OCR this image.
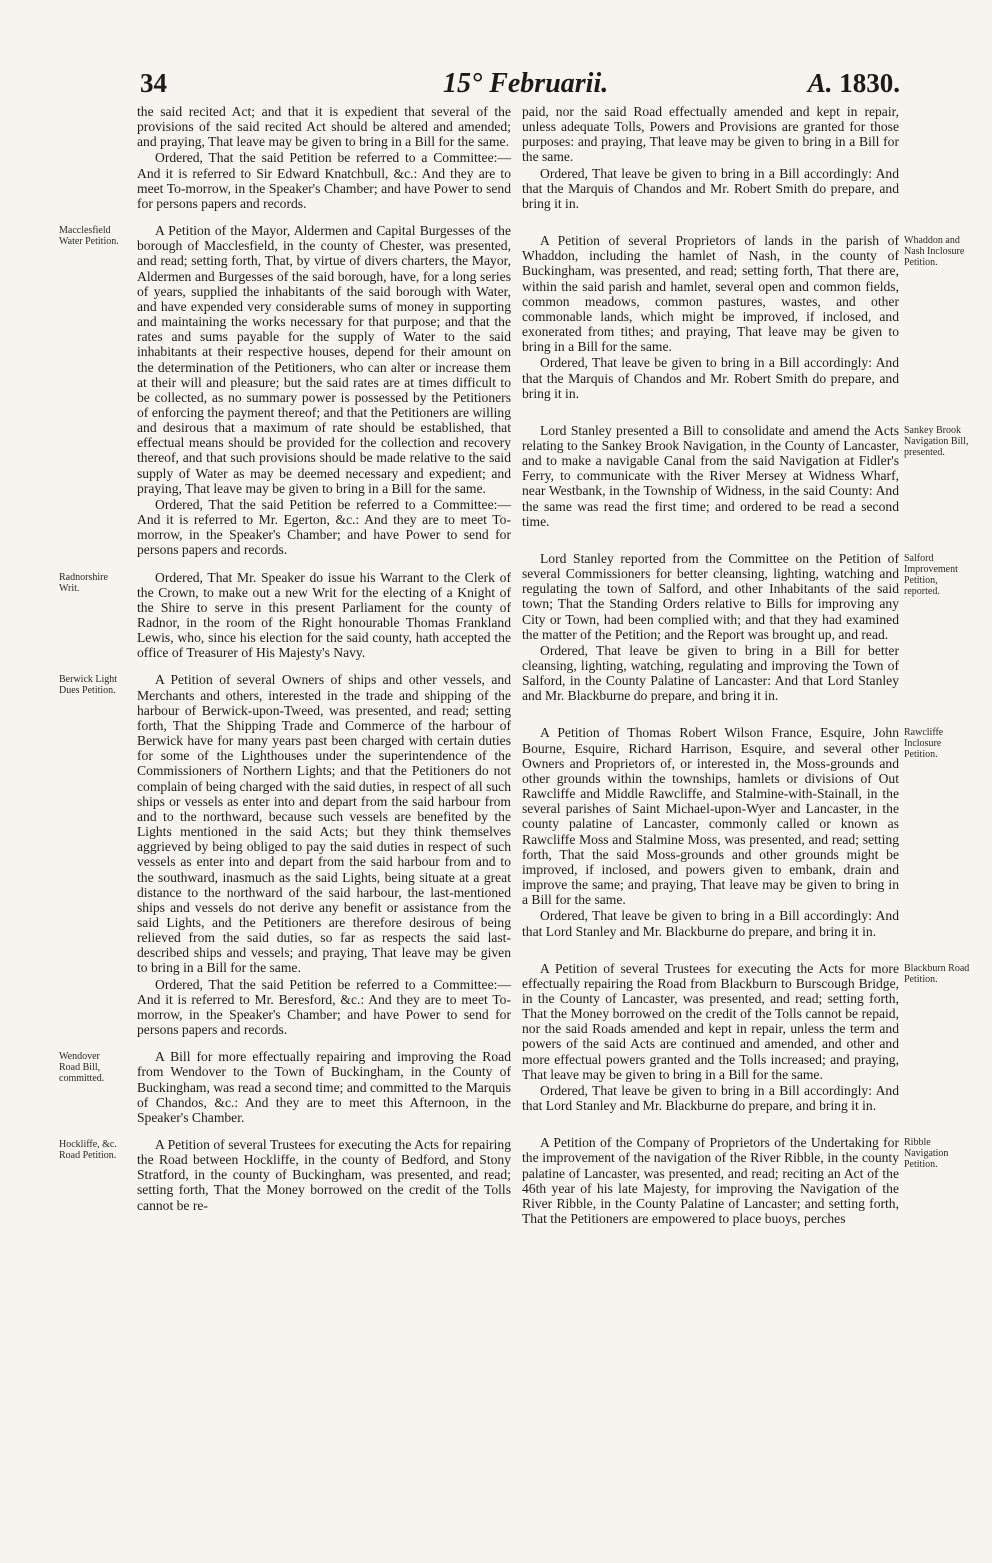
34	15° Februarii.	A. 1830.

the said recited Act; and that it is expedient that several of the provisions of the said recited Act should be altered and amended; and praying, That leave may be given to bring in a Bill for the same.

Ordered, That the said Petition be referred to a Committee:—And it is referred to Sir Edward Knatchbull, &c.: And they are to meet To-morrow, in the Speaker's Chamber; and have Power to send for persons papers and records.

Macclesfield Water Petition.

A Petition of the Mayor, Aldermen and Capital Burgesses of the borough of Macclesfield, in the county of Chester, was presented, and read; setting forth, That, by virtue of divers charters, the Mayor, Aldermen and Burgesses of the said borough, have, for a long series of years, supplied the inhabitants of the said borough with Water, and have expended very considerable sums of money in supporting and maintaining the works necessary for that purpose; and that the rates and sums payable for the supply of Water to the said inhabitants at their respective houses, depend for their amount on the determination of the Petitioners, who can alter or increase them at their will and pleasure; but the said rates are at times difficult to be collected, as no summary power is possessed by the Petitioners of enforcing the payment thereof; and that the Petitioners are willing and desirous that a maximum of rate should be established, that effectual means should be provided for the collection and recovery thereof, and that such provisions should be made relative to the said supply of Water as may be deemed necessary and expedient; and praying, That leave may be given to bring in a Bill for the same.

Ordered, That the said Petition be referred to a Committee:—And it is referred to Mr. Egerton, &c.: And they are to meet To-morrow, in the Speaker's Chamber; and have Power to send for persons papers and records.

Radnorshire Writ.

Ordered, That Mr. Speaker do issue his Warrant to the Clerk of the Crown, to make out a new Writ for the electing of a Knight of the Shire to serve in this present Parliament for the county of Radnor, in the room of the Right honourable Thomas Frankland Lewis, who, since his election for the said county, hath accepted the office of Treasurer of His Majesty's Navy.

Berwick Light Dues Petition.

A Petition of several Owners of ships and other vessels, and Merchants and others, interested in the trade and shipping of the harbour of Berwick-upon-Tweed, was presented, and read; setting forth, That the Shipping Trade and Commerce of the harbour of Berwick have for many years past been charged with certain duties for some of the Lighthouses under the superintendence of the Commissioners of Northern Lights; and that the Petitioners do not complain of being charged with the said duties, in respect of all such ships or vessels as enter into and depart from the said harbour from and to the northward, because such vessels are benefited by the Lights mentioned in the said Acts; but they think themselves aggrieved by being obliged to pay the said duties in respect of such vessels as enter into and depart from the said harbour from and to the southward, inasmuch as the said Lights, being situate at a great distance to the northward of the said harbour, the last-mentioned ships and vessels do not derive any benefit or assistance from the said Lights, and the Petitioners are therefore desirous of being relieved from the said duties, so far as respects the said last-described ships and vessels; and praying, That leave may be given to bring in a Bill for the same.

Ordered, That the said Petition be referred to a Committee:—And it is referred to Mr. Beresford, &c.: And they are to meet To-morrow, in the Speaker's Chamber; and have Power to send for persons papers and records.

Wendover Road Bill, committed.

A Bill for more effectually repairing and improving the Road from Wendover to the Town of Buckingham, in the County of Buckingham, was read a second time; and committed to the Marquis of Chandos, &c.: And they are to meet this Afternoon, in the Speaker's Chamber.

Hockliffe, &c. Road Petition.

A Petition of several Trustees for executing the Acts for repairing the Road between Hockliffe, in the county of Bedford, and Stony Stratford, in the county of Buckingham, was presented, and read; setting forth, That the Money borrowed on the credit of the Tolls cannot be re-

paid, nor the said Road effectually amended and kept in repair, unless adequate Tolls, Powers and Provisions are granted for those purposes: and praying, That leave may be given to bring in a Bill for the same.

Ordered, That leave be given to bring in a Bill accordingly: And that the Marquis of Chandos and Mr. Robert Smith do prepare, and bring it in.

Whaddon and Nash Inclosure Petition.

A Petition of several Proprietors of lands in the parish of Whaddon, including the hamlet of Nash, in the county of Buckingham, was presented, and read; setting forth, That there are, within the said parish and hamlet, several open and common fields, common meadows, common pastures, wastes, and other commonable lands, which might be improved, if inclosed, and exonerated from tithes; and praying, That leave may be given to bring in a Bill for the same.

Ordered, That leave be given to bring in a Bill accordingly: And that the Marquis of Chandos and Mr. Robert Smith do prepare, and bring it in.

Sankey Brook Navigation Bill, presented.

Lord Stanley presented a Bill to consolidate and amend the Acts relating to the Sankey Brook Navigation, in the County of Lancaster, and to make a navigable Canal from the said Navigation at Fidler's Ferry, to communicate with the River Mersey at Widness Wharf, near Westbank, in the Township of Widness, in the said County: And the same was read the first time; and ordered to be read a second time.

Salford Improvement Petition, reported.

Lord Stanley reported from the Committee on the Petition of several Commissioners for better cleansing, lighting, watching and regulating the town of Salford, and other Inhabitants of the said town; That the Standing Orders relative to Bills for improving any City or Town, had been complied with; and that they had examined the matter of the Petition; and the Report was brought up, and read.

Ordered, That leave be given to bring in a Bill for better cleansing, lighting, watching, regulating and improving the Town of Salford, in the County Palatine of Lancaster: And that Lord Stanley and Mr. Blackburne do prepare, and bring it in.

Rawcliffe Inclosure Petition.

A Petition of Thomas Robert Wilson France, Esquire, John Bourne, Esquire, Richard Harrison, Esquire, and several other Owners and Proprietors of, or interested in, the Moss-grounds and other grounds within the townships, hamlets or divisions of Out Rawcliffe and Middle Rawcliffe, and Stalmine-with-Stainall, in the several parishes of Saint Michael-upon-Wyer and Lancaster, in the county palatine of Lancaster, commonly called or known as Rawcliffe Moss and Stalmine Moss, was presented, and read; setting forth, That the said Moss-grounds and other grounds might be improved, if inclosed, and powers given to embank, drain and improve the same; and praying, That leave may be given to bring in a Bill for the same.

Ordered, That leave be given to bring in a Bill accordingly: And that Lord Stanley and Mr. Blackburne do prepare, and bring it in.

Blackburn Road Petition.

A Petition of several Trustees for executing the Acts for more effectually repairing the Road from Blackburn to Burscough Bridge, in the County of Lancaster, was presented, and read; setting forth, That the Money borrowed on the credit of the Tolls cannot be repaid, nor the said Roads amended and kept in repair, unless the term and powers of the said Acts are continued and amended, and other and more effectual powers granted and the Tolls increased; and praying, That leave may be given to bring in a Bill for the same.

Ordered, That leave be given to bring in a Bill accordingly: And that Lord Stanley and Mr. Blackburne do prepare, and bring it in.

Ribble Navigation Petition.

A Petition of the Company of Proprietors of the Undertaking for the improvement of the navigation of the River Ribble, in the county palatine of Lancaster, was presented, and read; reciting an Act of the 46th year of his late Majesty, for improving the Navigation of the River Ribble, in the County Palatine of Lancaster; and setting forth, That the Petitioners are empowered to place buoys, perches
